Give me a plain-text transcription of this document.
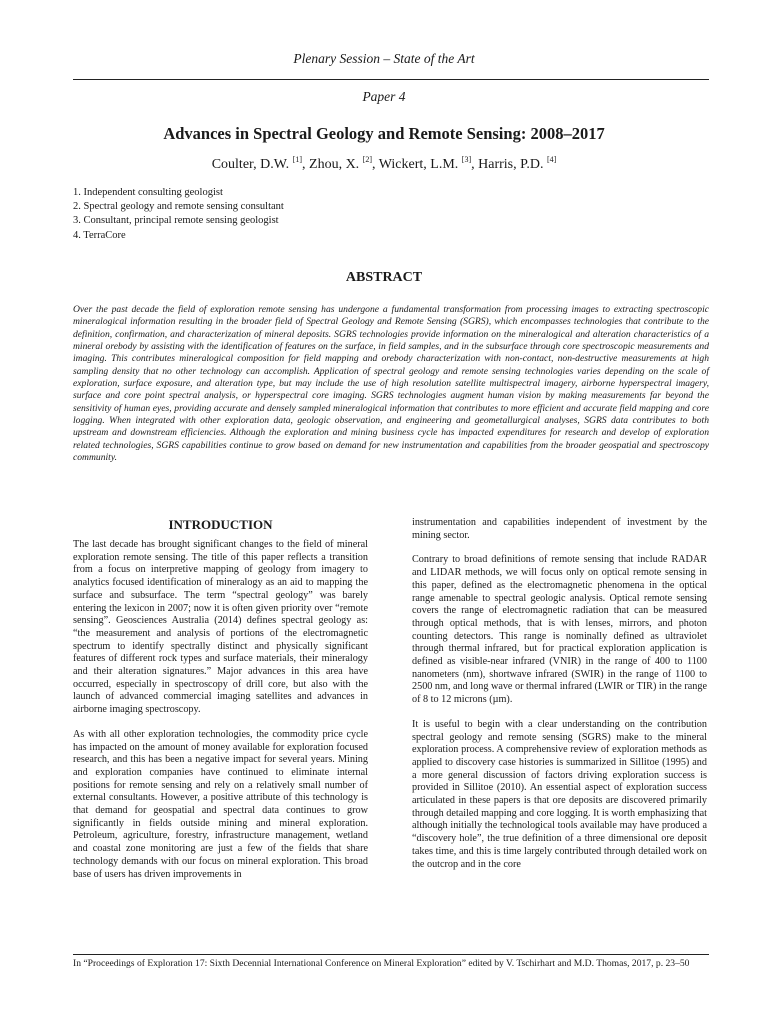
Plenary Session – State of the Art
Paper 4
Advances in Spectral Geology and Remote Sensing: 2008–2017
Coulter, D.W. [1], Zhou, X. [2], Wickert, L.M. [3], Harris, P.D. [4]
1. Independent consulting geologist
2. Spectral geology and remote sensing consultant
3. Consultant, principal remote sensing geologist
4. TerraCore
ABSTRACT

Over the past decade the field of exploration remote sensing has undergone a fundamental transformation from processing images to extracting spectroscopic mineralogical information resulting in the broader field of Spectral Geology and Remote Sensing (SGRS), which encompasses technologies that contribute to the definition, confirmation, and characterization of mineral deposits. SGRS technologies provide information on the mineralogical and alteration characteristics of a mineral orebody by assisting with the identification of features on the surface, in field samples, and in the subsurface through core spectroscopic measurements and imaging. This contributes mineralogical composition for field mapping and orebody characterization with non-contact, non-destructive measurements at high sampling density that no other technology can accomplish. Application of spectral geology and remote sensing technologies varies depending on the scale of exploration, surface exposure, and alteration type, but may include the use of high resolution satellite multispectral imagery, airborne hyperspectral imagery, surface and core point spectral analysis, or hyperspectral core imaging. SGRS technologies augment human vision by making measurements far beyond the sensitivity of human eyes, providing accurate and densely sampled mineralogical information that contributes to more efficient and accurate field mapping and core logging. When integrated with other exploration data, geologic observation, and engineering and geometallurgical analyses, SGRS data contributes to both upstream and downstream efficiencies. Although the exploration and mining business cycle has impacted expenditures for research and develop of exploration related technologies, SGRS capabilities continue to grow based on demand for new instrumentation and capabilities from the broader geospatial and spectroscopy community.

INTRODUCTION

The last decade has brought significant changes to the field of mineral exploration remote sensing. The title of this paper reflects a transition from a focus on interpretive mapping of geology from imagery to analytics focused identification of mineralogy as an aid to mapping the surface and subsurface. The term “spectral geology” was barely entering the lexicon in 2007; now it is often given priority over “remote sensing”. Geosciences Australia (2014) defines spectral geology as: “the measurement and analysis of portions of the electromagnetic spectrum to identify spectrally distinct and physically significant features of different rock types and surface materials, their mineralogy and their alteration signatures.” Major advances in this area have occurred, especially in spectroscopy of drill core, but also with the launch of advanced commercial imaging satellites and advances in airborne imaging spectroscopy.

As with all other exploration technologies, the commodity price cycle has impacted on the amount of money available for exploration focused research, and this has been a negative impact for several years. Mining and exploration companies have continued to eliminate internal positions for remote sensing and rely on a relatively small number of external consultants. However, a positive attribute of this technology is that demand for geospatial and spectral data continues to grow significantly in fields outside mining and mineral exploration. Petroleum, agriculture, forestry, infrastructure management, wetland and coastal zone monitoring are just a few of the fields that share technology demands with our focus on mineral exploration. This broad base of users has driven improvements in

instrumentation and capabilities independent of investment by the mining sector.

Contrary to broad definitions of remote sensing that include RADAR and LIDAR methods, we will focus only on optical remote sensing in this paper, defined as the electromagnetic phenomena in the optical range amenable to spectral geologic analysis. Optical remote sensing covers the range of electromagnetic radiation that can be measured through optical methods, that is with lenses, mirrors, and photon counting detectors. This range is nominally defined as ultraviolet through thermal infrared, but for practical exploration application is defined as visible-near infrared (VNIR) in the range of 400 to 1100 nanometers (nm), shortwave infrared (SWIR) in the range of 1100 to 2500 nm, and long wave or thermal infrared (LWIR or TIR) in the range of 8 to 12 microns (µm).

It is useful to begin with a clear understanding on the contribution spectral geology and remote sensing (SGRS) make to the mineral exploration process. A comprehensive review of exploration methods as applied to discovery case histories is summarized in Sillitoe (1995) and a more general discussion of factors driving exploration success is provided in Sillitoe (2010). An essential aspect of exploration success articulated in these papers is that ore deposits are discovered primarily through detailed mapping and core logging. It is worth emphasizing that although initially the technological tools available may have produced a “discovery hole”, the true definition of a three dimensional ore deposit takes time, and this is time largely contributed through detailed work on the outcrop and in the core

In “Proceedings of Exploration 17: Sixth Decennial International Conference on Mineral Exploration” edited by V. Tschirhart and M.D. Thomas, 2017, p. 23–50
